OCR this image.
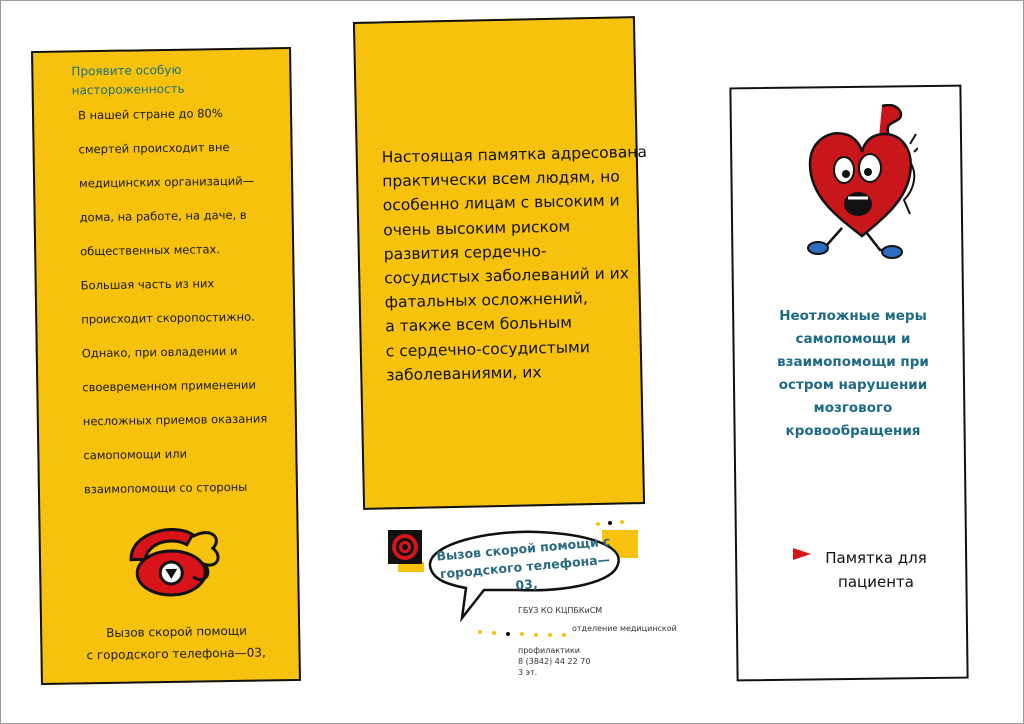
Проявите особую настороженность
В нашей стране до 80%
смертей происходит вне
медицинских организаций—
дома, на работе, на даче, в
общественных местах.
Большая часть из них
происходит скоропостижно.
Однако, при овладении и
своевременном применении
несложных приемов оказания
самопомощи или
взаимопомощи со стороны
Вызов скорой помощи
с городского телефона—03,
Настоящая памятка адресована
практически всем людям, но
особенно лицам с высоким и
очень высоким риском
развития сердечно-
сосудистых заболеваний и их
фатальных осложнений,
а также всем больным
с сердечно-сосудистыми
заболеваниями, их
Вызов скорой помощи с городского телефона—03,
ГБУЗ КО КЦПБКиСМ
отделение медицинской
профилактики
8 (3842) 44 22 70
3 эт.
Неотложные меры самопомощи и взаимопомощи при остром нарушении мозгового кровообращения
Памятка для пациента
